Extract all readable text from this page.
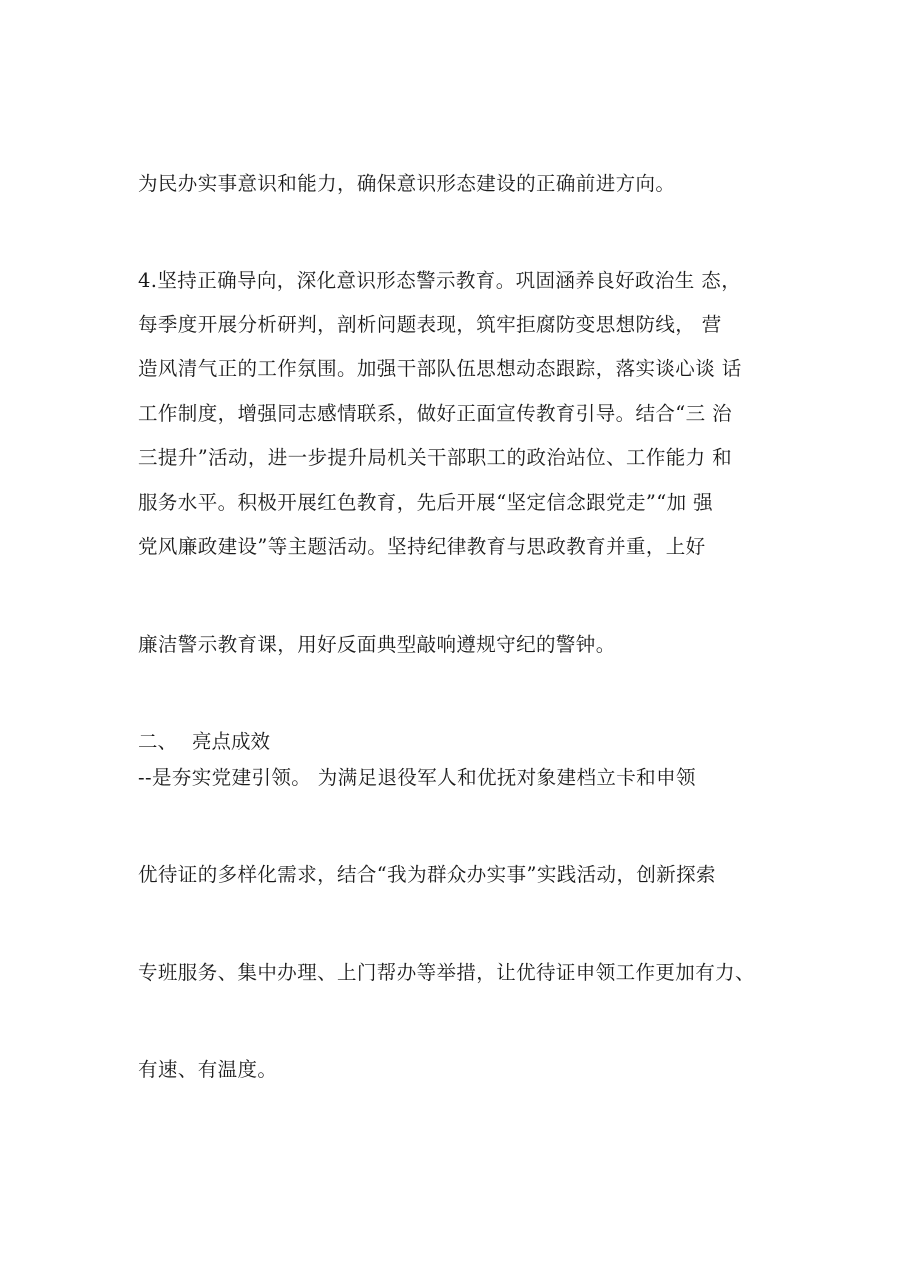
为民办实事意识和能力，确保意识形态建设的正确前进方向。
4.坚持正确导向，深化意识形态警示教育。巩固涵养良好政治生 态，
每季度开展分析研判，剖析问题表现，筑牢拒腐防变思想防线， 营
造风清气正的工作氛围。加强干部队伍思想动态跟踪，落实谈心谈 话
工作制度，增强同志感情联系，做好正面宣传教育引导。结合“三 治
三提升”活动，进一步提升局机关干部职工的政治站位、工作能力 和
服务水平。积极开展红色教育，先后开展“坚定信念跟党走”“加 强
党风廉政建设”等主题活动。坚持纪律教育与思政教育并重，上好
廉洁警示教育课，用好反面典型敲响遵规守纪的警钟。
二、 亮点成效
--是夯实党建引领。 为满足退役军人和优抚对象建档立卡和申领
优待证的多样化需求，结合“我为群众办实事”实践活动，创新探索
专班服务、集中办理、上门帮办等举措，让优待证申领工作更加有力、
有速、有温度。
